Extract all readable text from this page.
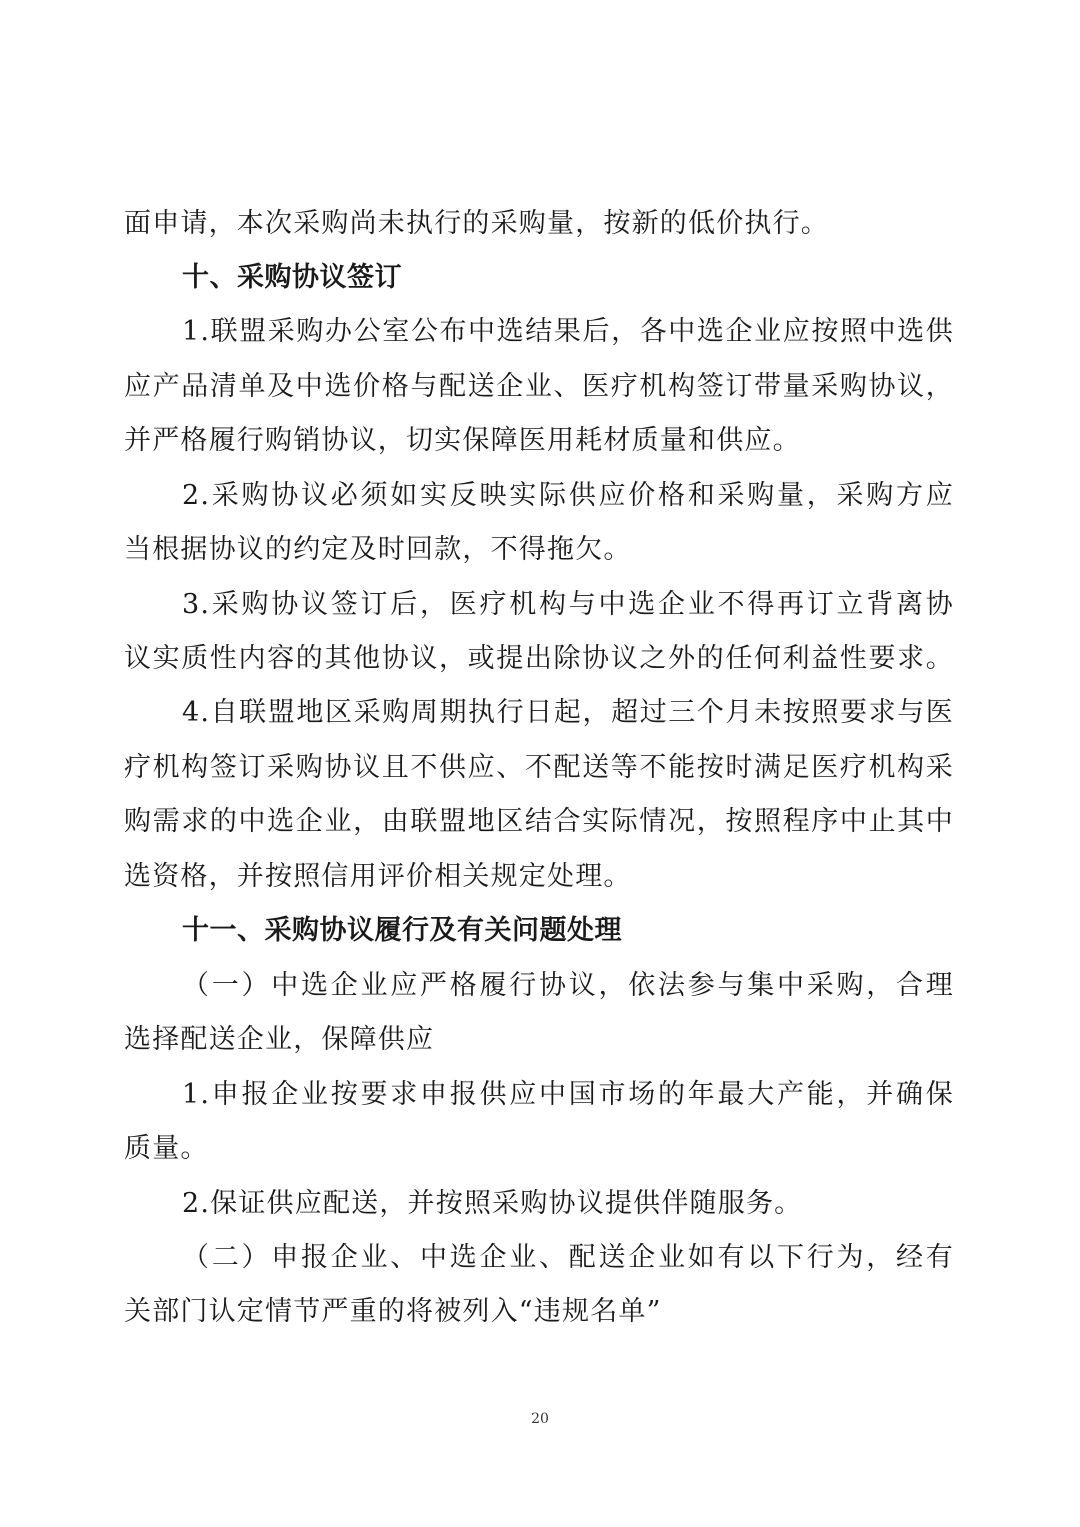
面申请，本次采购尚未执行的采购量，按新的低价执行。
十、采购协议签订
1.联盟采购办公室公布中选结果后，各中选企业应按照中选供
应产品清单及中选价格与配送企业、医疗机构签订带量采购协议，
并严格履行购销协议，切实保障医用耗材质量和供应。
2.采购协议必须如实反映实际供应价格和采购量，采购方应
当根据协议的约定及时回款，不得拖欠。
3.采购协议签订后，医疗机构与中选企业不得再订立背离协
议实质性内容的其他协议，或提出除协议之外的任何利益性要求。
4.自联盟地区采购周期执行日起，超过三个月未按照要求与医
疗机构签订采购协议且不供应、不配送等不能按时满足医疗机构采
购需求的中选企业，由联盟地区结合实际情况，按照程序中止其中
选资格，并按照信用评价相关规定处理。
十一、采购协议履行及有关问题处理
（一）中选企业应严格履行协议，依法参与集中采购，合理
选择配送企业，保障供应
1.申报企业按要求申报供应中国市场的年最大产能，并确保
质量。
2.保证供应配送，并按照采购协议提供伴随服务。
（二）申报企业、中选企业、配送企业如有以下行为，经有
关部门认定情节严重的将被列入“违规名单”
20
